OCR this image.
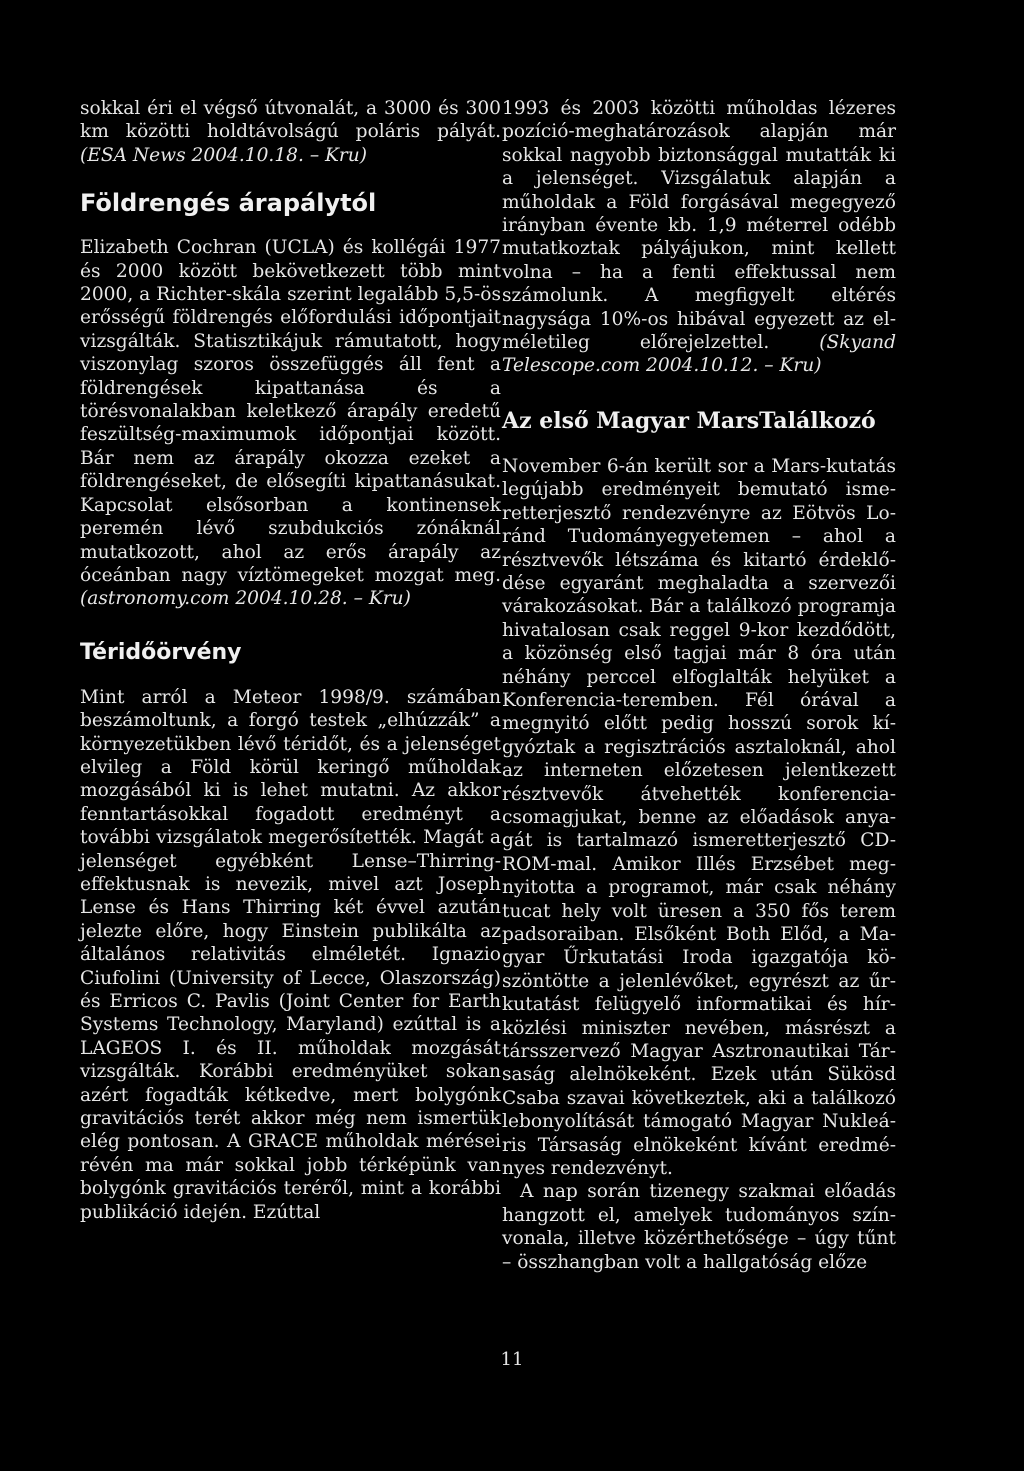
sokkal éri el végső útvonalát, a 3000 és 300 km közötti holdtávolságú poláris pályát. (ESA News 2004.10.18. – Kru)

Földrengés árapálytól

Elizabeth Cochran (UCLA) és kollégái 1977 és 2000 között bekövetkezett több mint 2000, a Richter-skála szerint legalább 5,5-ös erősségű földrengés előfordulási időpontjait vizsgálták. Statisztikájuk rámutatott, hogy viszonylag szoros összefüggés áll fent a földrengések kipattanása és a törésvonalakban keletkező árapály eredetű feszültség-maximumok időpontjai között. Bár nem az árapály okozza ezeket a földrengéseket, de elősegíti kipattanásukat. Kapcsolat elsősorban a kontinensek peremén lévő szubdukciós zónáknál mutatkozott, ahol az erős árapály az óceánban nagy víztömegeket mozgat meg. (astronomy.com 2004.10.28. – Kru)

Téridőörvény

Mint arról a Meteor 1998/9. számában beszámoltunk, a forgó testek „elhúzzák” a környezetükben lévő téridőt, és a jelenséget elvileg a Föld körül keringő műholdak mozgásából ki is lehet mutatni. Az akkor fenntartásokkal fogadott eredményt a további vizsgálatok megerősítették. Magát a jelenséget egyébként Lense–Thirring-effektusnak is nevezik, mivel azt Joseph Lense és Hans Thirring két évvel azután jelezte előre, hogy Einstein publikálta az általános relativitás elméletét. Ignazio Ciufolini (University of Lecce, Olaszország) és Erricos C. Pavlis (Joint Center for Earth Systems Technology, Maryland) ezúttal is a LAGEOS I. és II. műholdak mozgását vizsgálták. Korábbi eredményüket sokan azért fogadták kétkedve, mert bolygónk gravitációs terét akkor még nem ismertük elég pontosan. A GRACE műholdak mérései révén ma már sokkal jobb térképünk van bolygónk gravitációs teréről, mint a korábbi publikáció idején. Ezúttal

1993 és 2003 közötti műholdas lézeres pozíció-meghatározások alapján már sokkal nagyobb biztonsággal mutatták ki a jelenséget. Vizsgálatuk alapján a műholdak a Föld forgásával megegyező irányban évente kb. 1,9 méterrel odébb mutatkoztak pályájukon, mint kellett volna – ha a fenti effektussal nem számolunk. A megfigyelt eltérés nagysága 10%-os hibával egyezett az elméletileg előrejelzettel. (Skyand Telescope.com 2004.10.12. – Kru)

Az első Magyar MarsTalálkozó

November 6-án került sor a Mars-kutatás legújabb eredményeit bemutató ismeretterjesztő rendezvényre az Eötvös Loránd Tudományegyetemen – ahol a résztvevők létszáma és kitartó érdeklődése egyaránt meghaladta a szervezői várakozásokat. Bár a találkozó programja hivatalosan csak reggel 9-kor kezdődött, a közönség első tagjai már 8 óra után néhány perccel elfoglalták helyüket a Konferencia-teremben. Fél órával a megnyitó előtt pedig hosszú sorok kígyóztak a regisztrációs asztaloknál, ahol az interneten előzetesen jelentkezett résztvevők átvehették konferenciacsomagjukat, benne az előadások anyagát is tartalmazó ismeretterjesztő CD-ROM-mal. Amikor Illés Erzsébet megnyitotta a programot, már csak néhány tucat hely volt üresen a 350 fős terem padsoraiban. Elsőként Both Előd, a Magyar Űrkutatási Iroda igazgatója köszöntötte a jelenlévőket, egyrészt az űrkutatást felügyelő informatikai és hírközlési miniszter nevében, másrészt a társszervező Magyar Asztronautikai Társaság alelnökeként. Ezek után Sükösd Csaba szavai következtek, aki a találkozó lebonyolítását támogató Magyar Nukleáris Társaság elnökeként kívánt eredményes rendezvényt.

A nap során tizenegy szakmai előadás hangzott el, amelyek tudományos színvonala, illetve közérthetősége – úgy tűnt – összhangban volt a hallgatóság előze

11
